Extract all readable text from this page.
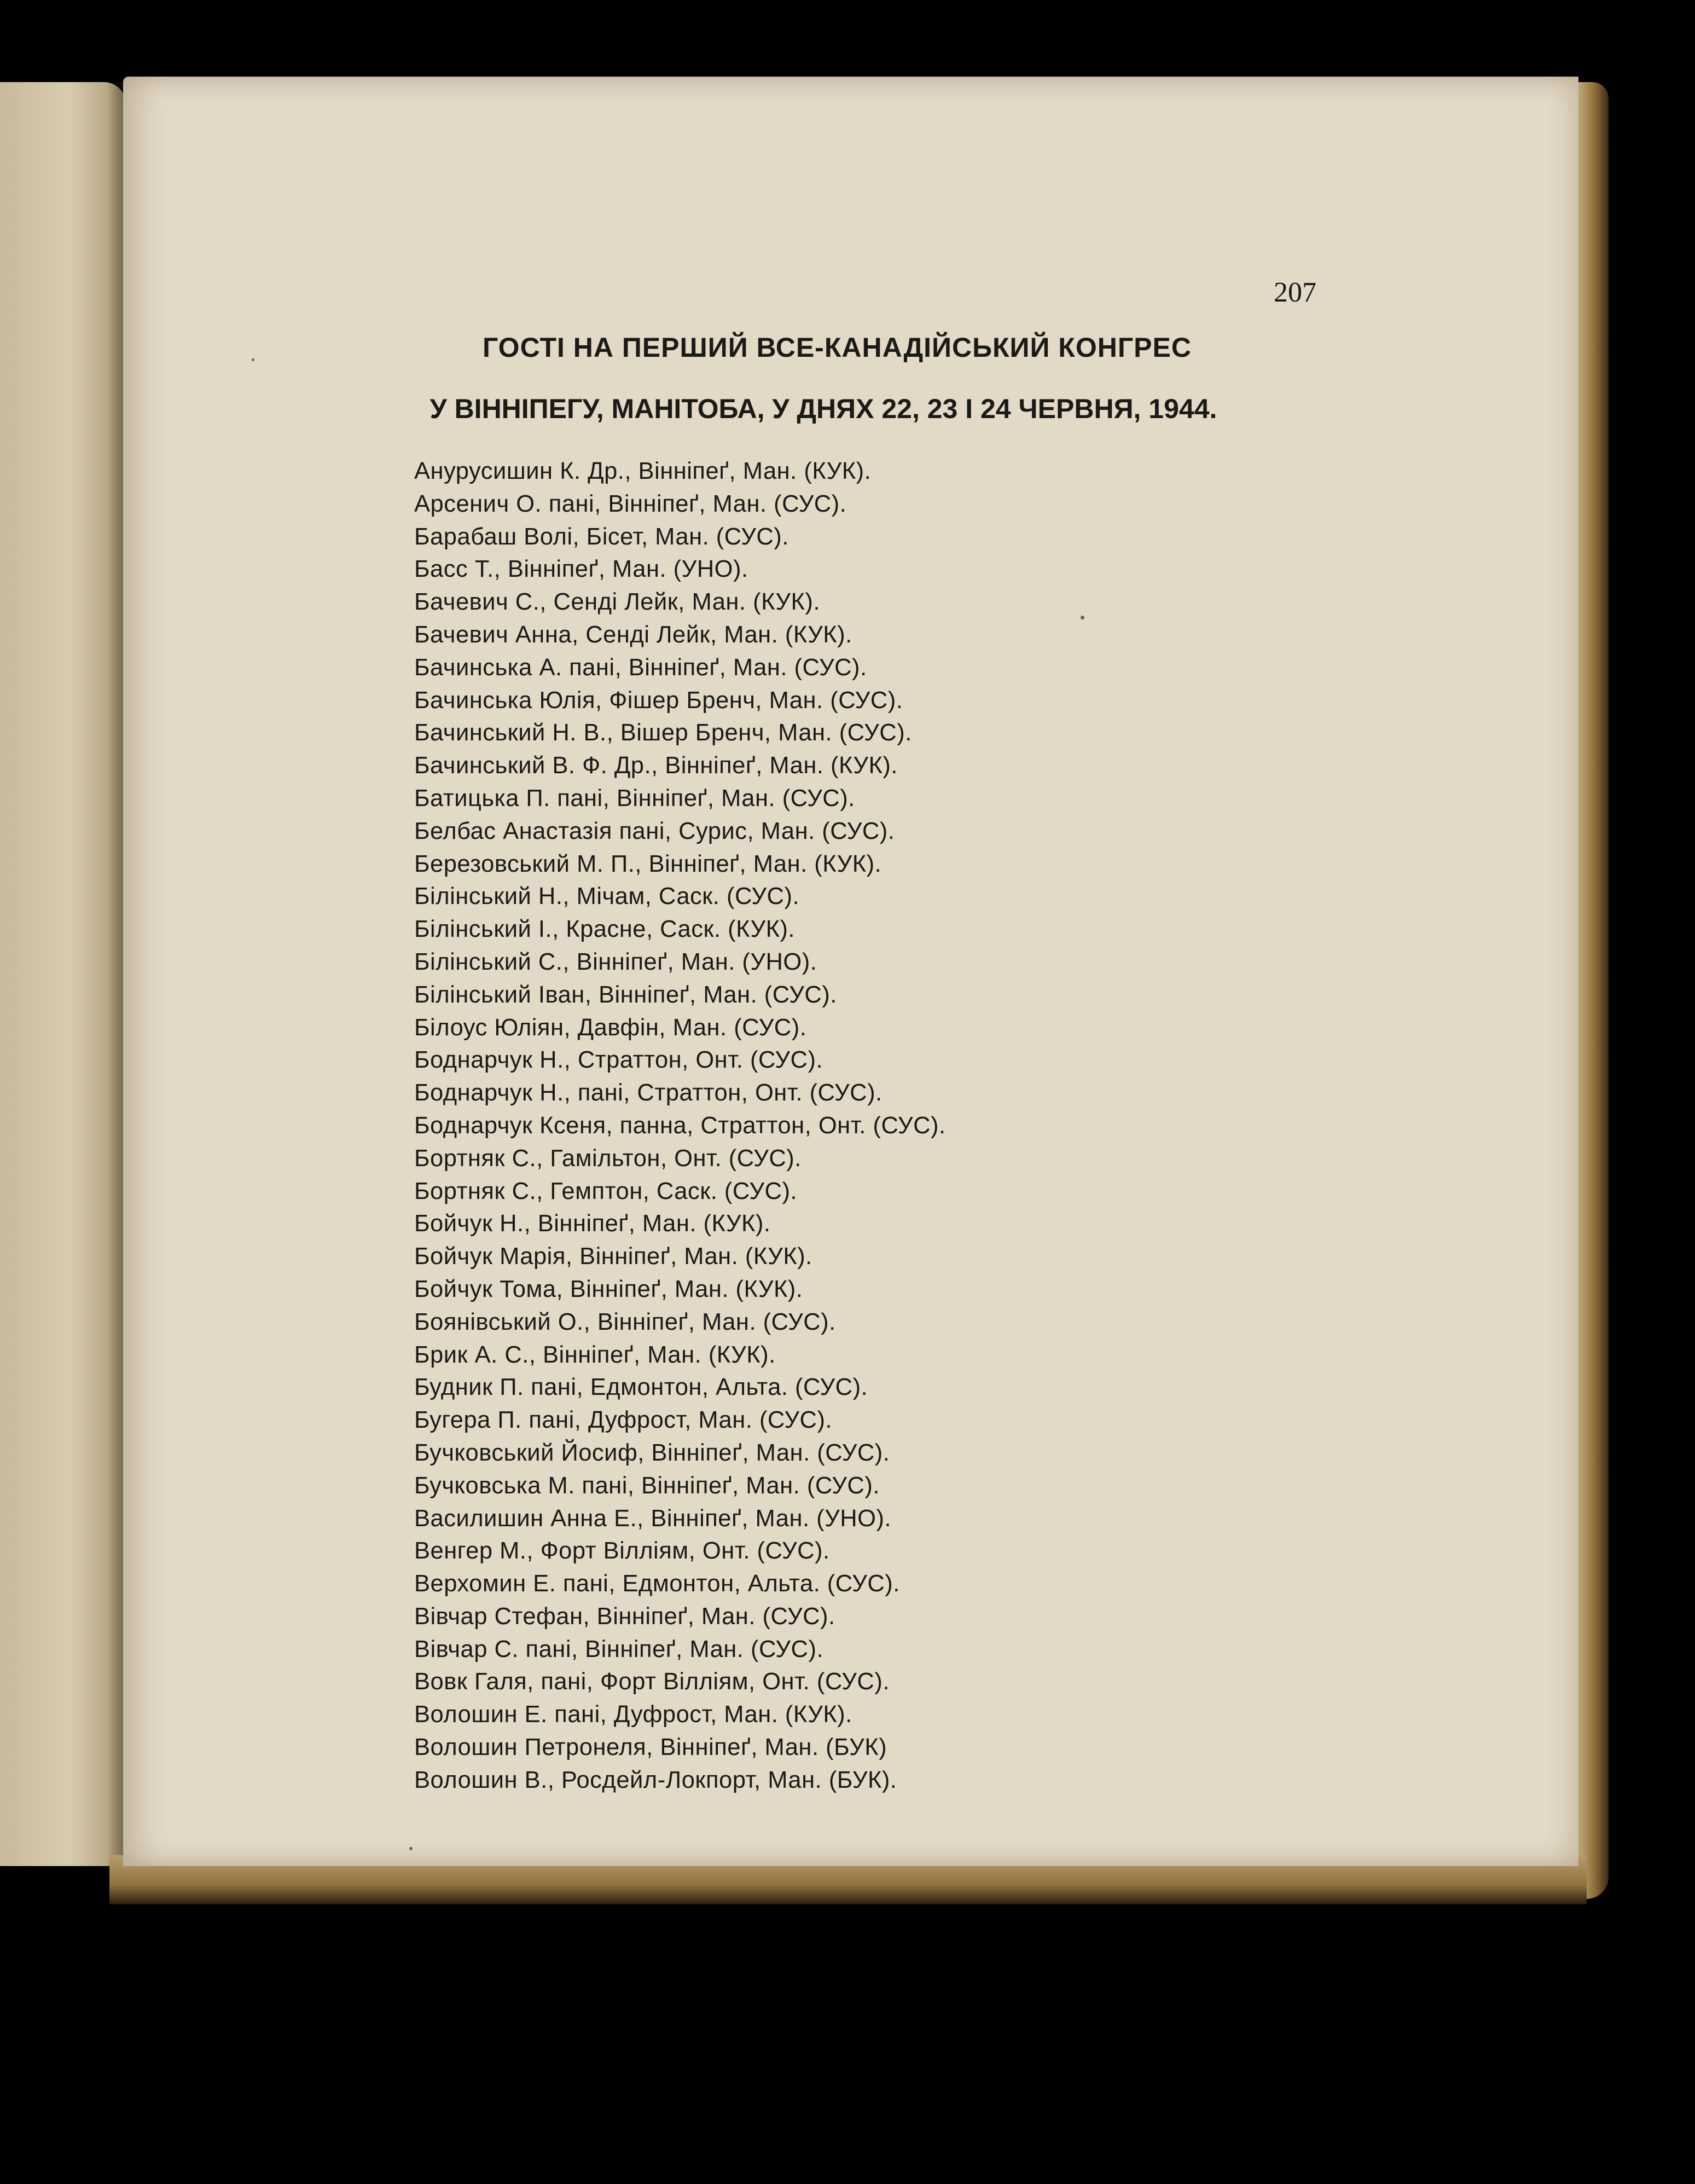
207
ГОСТІ НА ПЕРШИЙ ВСЕ-КАНАДІЙСЬКИЙ КОНГРЕС
У ВІННІПЕГУ, МАНІТОБА, У ДНЯХ 22, 23 І 24 ЧЕРВНЯ, 1944.
Анурусишин К. Др., Вінніпеґ, Ман. (КУК).
Арсенич О. пані, Вінніпеґ, Ман. (СУС).
Барабаш Волі, Бісет, Ман. (СУС).
Басс Т., Вінніпеґ, Ман. (УНО).
Бачевич С., Сенді Лейк, Ман. (КУК).
Бачевич Анна, Сенді Лейк, Ман. (КУК).
Бачинська А. пані, Вінніпеґ, Ман. (СУС).
Бачинська Юлія, Фішер Бренч, Ман. (СУС).
Бачинський Н. В., Вішер Бренч, Ман. (СУС).
Бачинський В. Ф. Др., Вінніпеґ, Ман. (КУК).
Батицька П. пані, Вінніпеґ, Ман. (СУС).
Белбас Анастазія пані, Сурис, Ман. (СУС).
Березовський М. П., Вінніпеґ, Ман. (КУК).
Білінський Н., Мічам, Саск. (СУС).
Білінський І., Красне, Саск. (КУК).
Білінський С., Вінніпеґ, Ман. (УНО).
Білінський Іван, Вінніпеґ, Ман. (СУС).
Білоус Юліян, Давфін, Ман. (СУС).
Боднарчук Н., Страттон, Онт. (СУС).
Боднарчук Н., пані, Страттон, Онт. (СУС).
Боднарчук Ксеня, панна, Страттон, Онт. (СУС).
Бортняк С., Гамільтон, Онт. (СУС).
Бортняк С., Гемптон, Саск. (СУС).
Бойчук Н., Вінніпеґ, Ман. (КУК).
Бойчук Марія, Вінніпеґ, Ман. (КУК).
Бойчук Тома, Вінніпеґ, Ман. (КУК).
Боянівський О., Вінніпеґ, Ман. (СУС).
Брик А. С., Вінніпеґ, Ман. (КУК).
Будник П. пані, Едмонтон, Альта. (СУС).
Бугера П. пані, Дуфрост, Ман. (СУС).
Бучковський Йосиф, Вінніпеґ, Ман. (СУС).
Бучковська М. пані, Вінніпеґ, Ман. (СУС).
Василишин Анна Е., Вінніпеґ, Ман. (УНО).
Венгер М., Форт Вілліям, Онт. (СУС).
Верхомин Е. пані, Едмонтон, Альта. (СУС).
Вівчар Стефан, Вінніпеґ, Ман. (СУС).
Вівчар С. пані, Вінніпеґ, Ман. (СУС).
Вовк Галя, пані, Форт Вілліям, Онт. (СУС).
Волошин Е. пані, Дуфрост, Ман. (КУК).
Волошин Петронеля, Вінніпеґ, Ман. (БУК)
Волошин В., Росдейл-Локпорт, Ман. (БУК).
